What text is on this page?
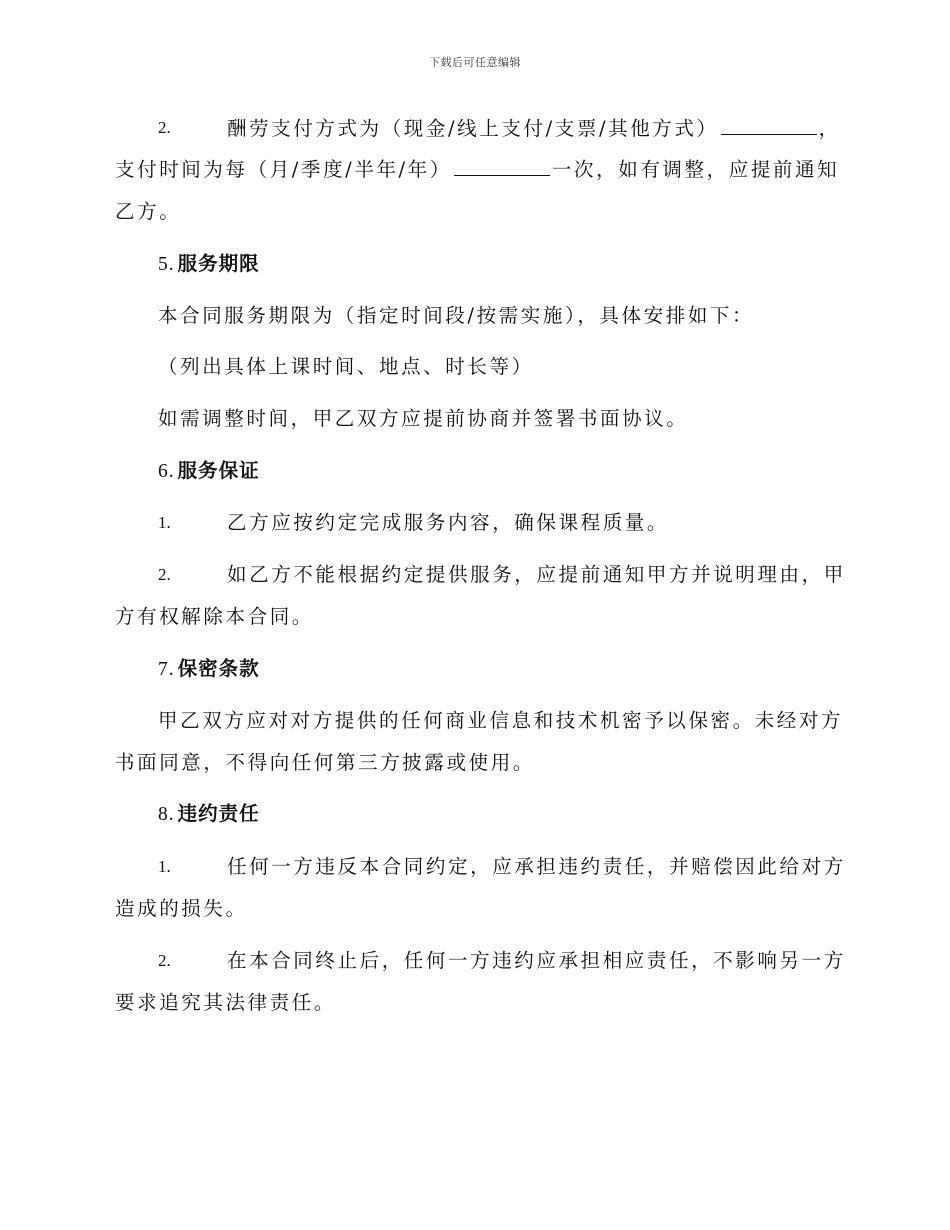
下载后可任意编辑
2.	酬劳支付方式为（现金/线上支付/支票/其他方式）	，
支付时间为每（月/季度/半年/年）	一次，如有调整，应提前通知
乙方。
5. 服务期限
本合同服务期限为（指定时间段/按需实施），具体安排如下：
（列出具体上课时间、地点、时长等）
如需调整时间，甲乙双方应提前协商并签署书面协议。
6. 服务保证
1.	乙方应按约定完成服务内容，确保课程质量。
2.	如乙方不能根据约定提供服务，应提前通知甲方并说明理由，甲
方有权解除本合同。
7. 保密条款
甲乙双方应对对方提供的任何商业信息和技术机密予以保密。未经对方
书面同意，不得向任何第三方披露或使用。
8. 违约责任
1.	任何一方违反本合同约定，应承担违约责任，并赔偿因此给对方
造成的损失。
2.	在本合同终止后，任何一方违约应承担相应责任，不影响另一方
要求追究其法律责任。
